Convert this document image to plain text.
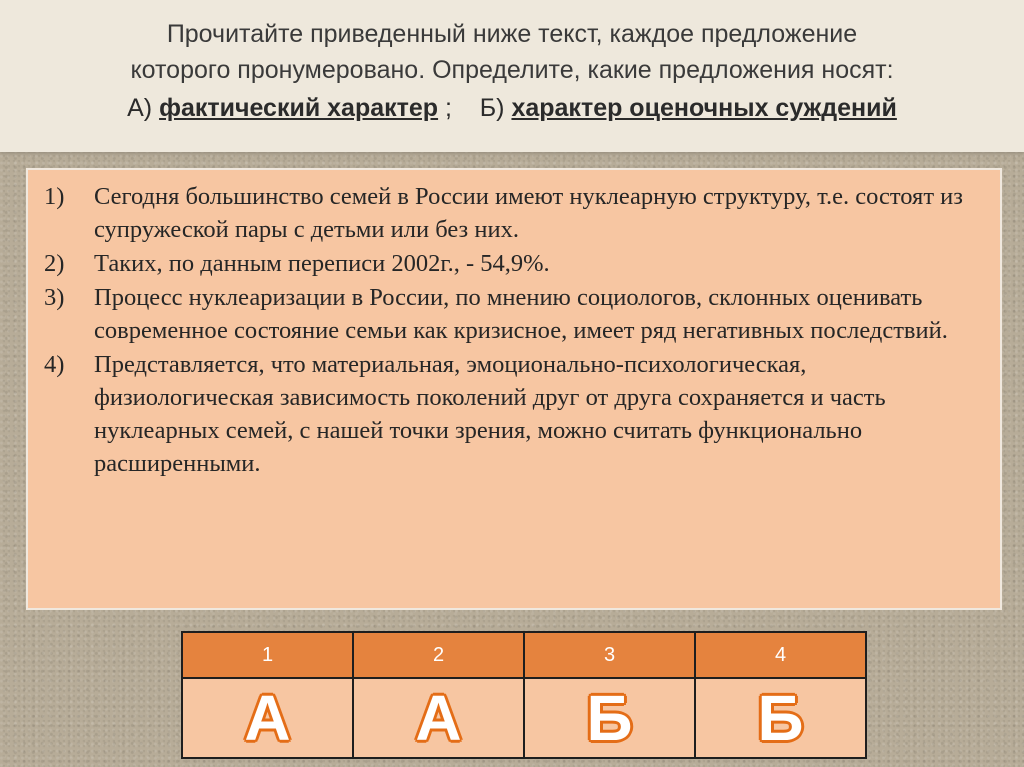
Прочитайте приведенный ниже текст, каждое предложение
которого пронумеровано. Определите, какие предложения носят:
А) фактический характер ;    Б) характер оценочных суждений
1)	Сегодня большинство семей в России имеют нуклеарную структуру, т.е. состоят из супружеской пары с детьми или без них.
2)	Таких, по данным переписи 2002г., - 54,9%.
3)	Процесс нуклеаризации в России, по мнению социологов, склонных оценивать современное состояние семьи как кризисное, имеет ряд негативных последствий.
4)	Представляется, что материальная, эмоционально-психологическая, физиологическая зависимость поколений друг от друга сохраняется и часть нуклеарных семей, с нашей точки зрения, можно считать функционально расширенными.
1	2	3	4
А	А	Б	Б
